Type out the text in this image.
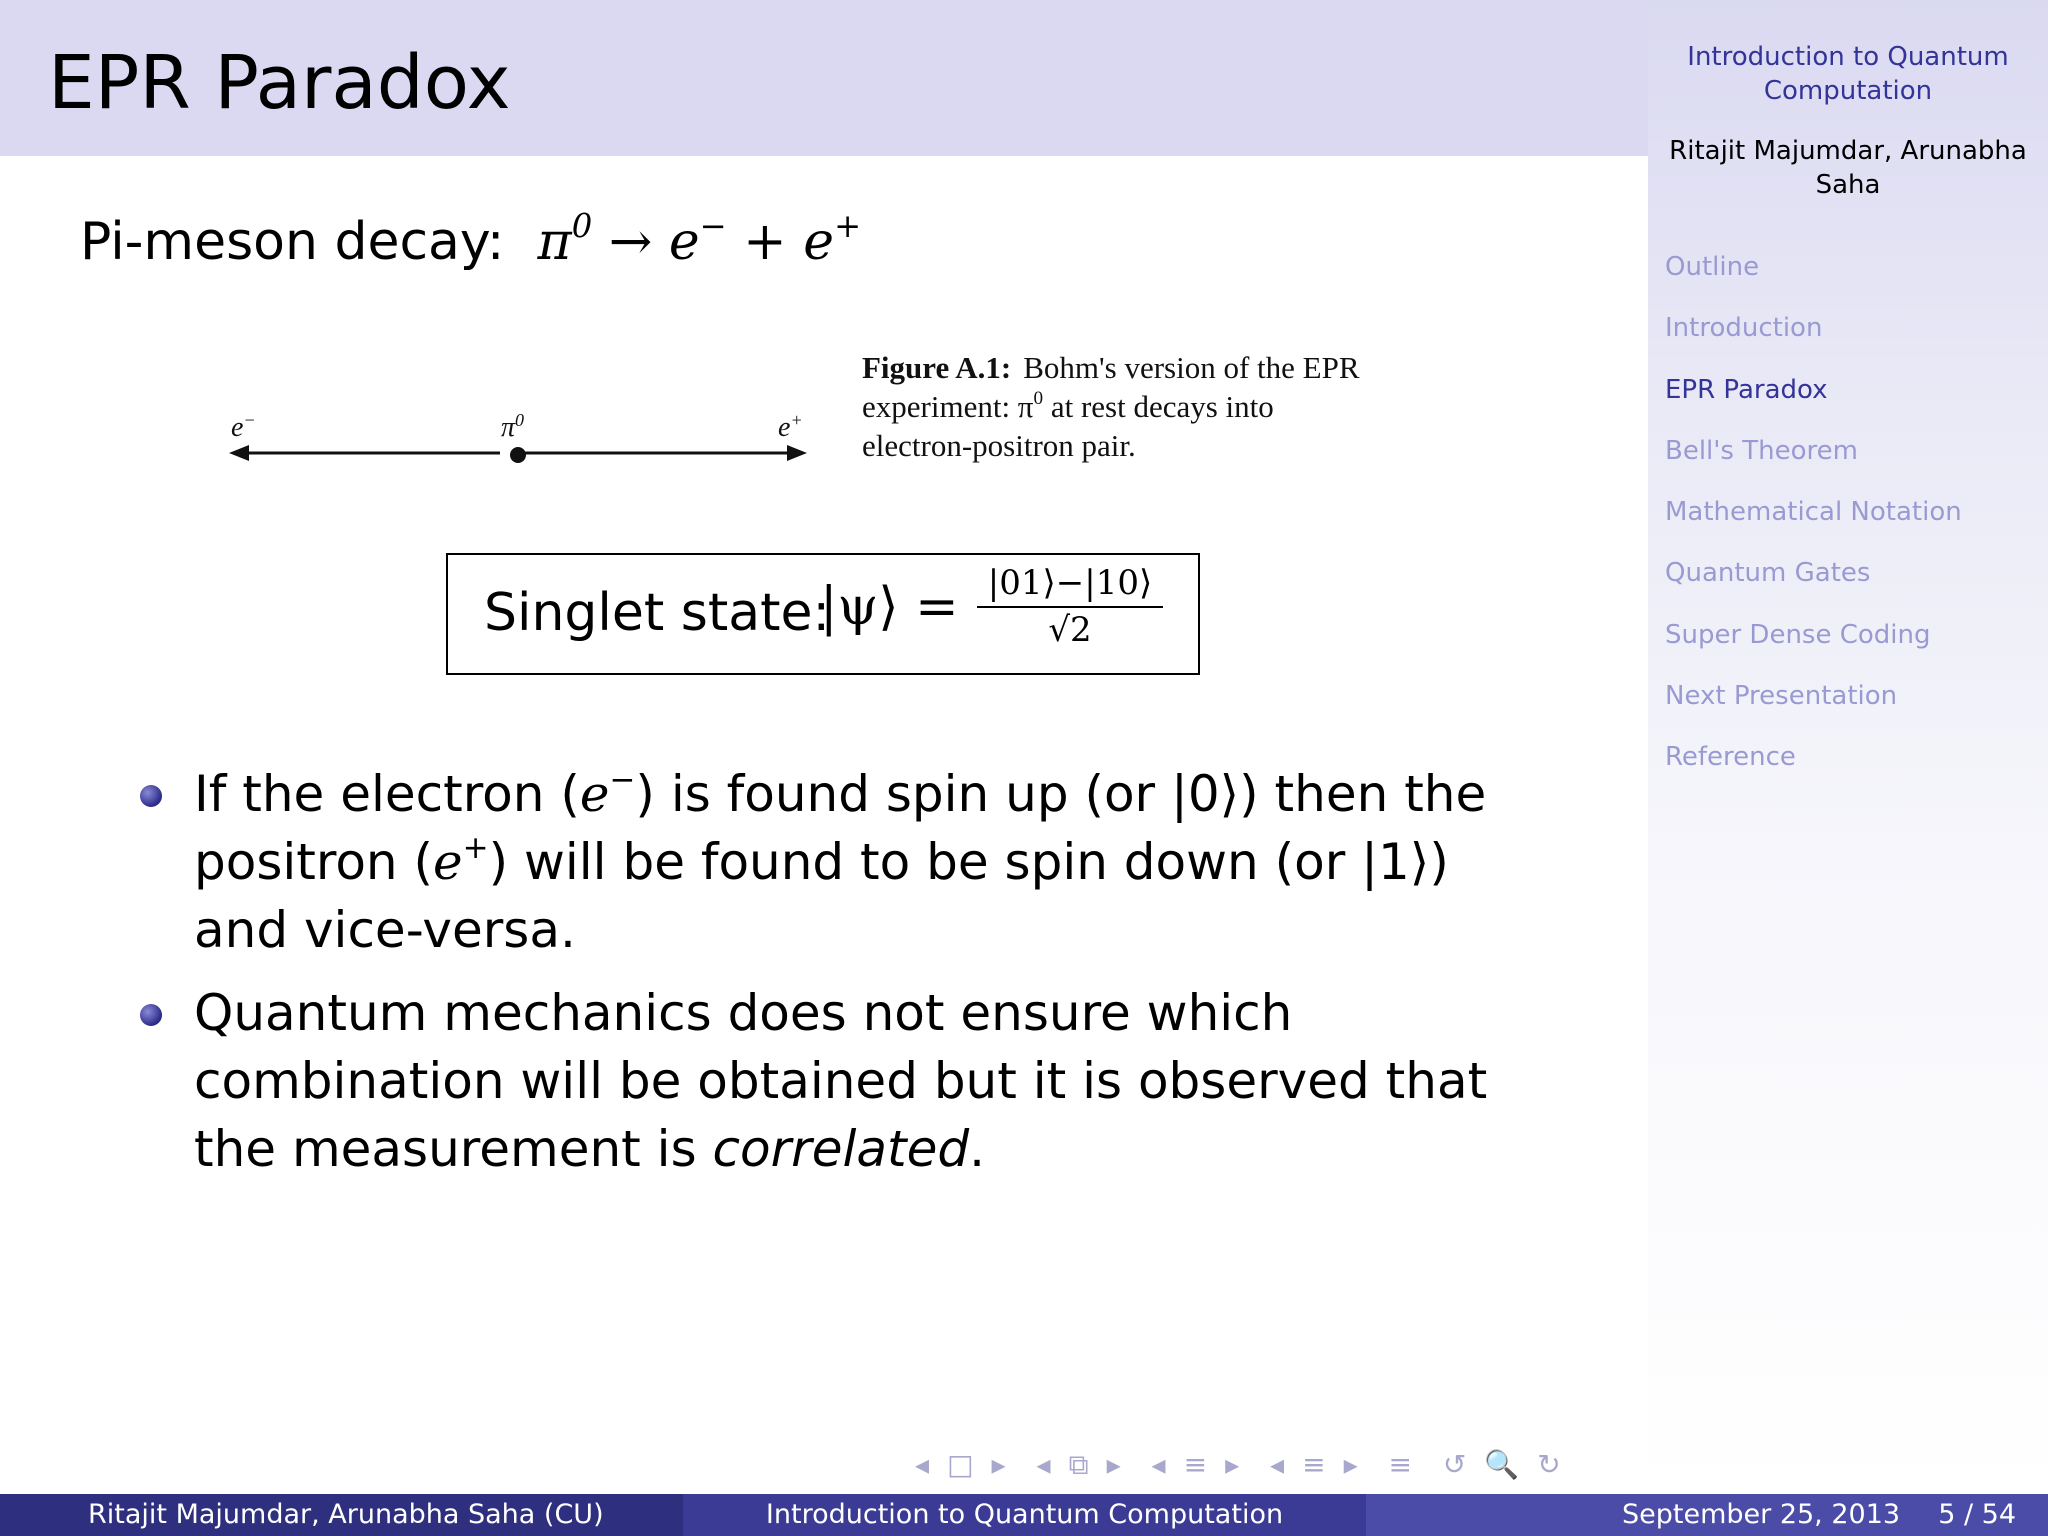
EPR Paradox	Introduction to Quantum Computation
Ritajit Majumdar, Arunabha Saha
Outline
Introduction
EPR Paradox
Bell's Theorem
Mathematical Notation
Quantum Gates
Super Dense Coding
Next Presentation
Reference
Pi-meson decay:  $\pi^0 \to e^- + e^+$
e−	$\pi^0$	e+
Figure A.1: Bohm's version of the EPR
experiment: $\pi^0$ at rest decays into
electron-positron pair.
Singlet state:
|ψ⟩ = $\frac{|01⟩-|10⟩}{√2}$
If the electron (e−) is found spin up (or |0⟩) then the positron (e+) will be found to be spin down (or |1⟩) and vice-versa.
Quantum mechanics does not ensure which combination will be obtained but it is observed that the measurement is correlated.
◂ □ ▸ ◂ ⧉ ▸ ◂ ≡ ▸ ◂ ≡ ▸ ≡ ↺ 🔍 ↻
Ritajit Majumdar, Arunabha Saha (CU)	Introduction to Quantum Computation	September 25, 2013 5 / 54
